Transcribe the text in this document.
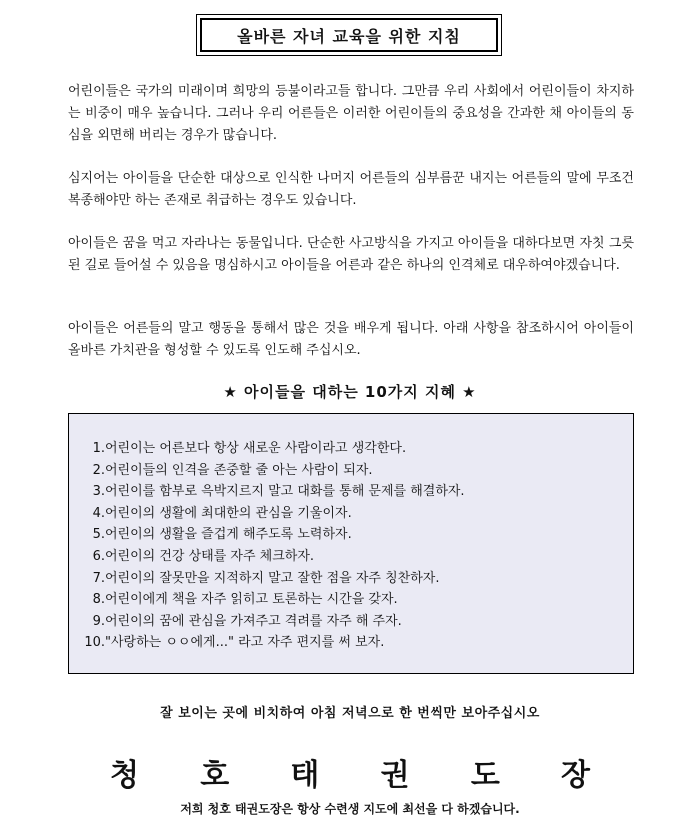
올바른 자녀 교육을 위한 지침

어린이들은 국가의 미래이며 희망의 등불이라고들 합니다. 그만큼 우리 사회에서 어린이들이 차지하는 비중이 매우 높습니다. 그러나 우리 어른들은 이러한 어린이들의 중요성을 간과한 채 아이들의 동심을 외면해 버리는 경우가 많습니다.

심지어는 아이들을 단순한 대상으로 인식한 나머지 어른들의 심부름꾼 내지는 어른들의 말에 무조건 복종해야만 하는 존재로 취급하는 경우도 있습니다.

아이들은 꿈을 먹고 자라나는 동물입니다. 단순한 사고방식을 가지고 아이들을 대하다보면 자칫 그릇된 길로 들어설 수 있음을 명심하시고 아이들을 어른과 같은 하나의 인격체로 대우하여야겠습니다.

아이들은 어른들의 말고 행동을 통해서 많은 것을 배우게 됩니다. 아래 사항을 참조하시어 아이들이 올바른 가치관을 형성할 수 있도록 인도해 주십시오.

★ 아이들을 대하는 10가지 지혜 ★
1.어린이는 어른보다 항상 새로운 사람이라고 생각한다.
2.어린이들의 인격을 존중할 줄 아는 사람이 되자.
3.어린이를 함부로 윽박지르지 말고 대화를 통해 문제를 해결하자.
4.어린이의 생활에 최대한의 관심을 기울이자.
5.어린이의 생활을 즐겁게 해주도록 노력하자.
6.어린이의 건강 상태를 자주 체크하자.
7.어린이의 잘못만을 지적하지 말고 잘한 점을 자주 칭찬하자.
8.어린이에게 책을 자주 읽히고 토론하는 시간을 갖자.
9.어린이의 꿈에 관심을 가져주고 격려를 자주 해 주자.
10."사랑하는 ㅇㅇ에게..." 라고 자주 편지를 써 보자.
잘 보이는 곳에 비치하여 아침 저녁으로 한 번씩만 보아주십시오
청 호 태 권 도 장
저희 청호 태권도장은 항상 수련생 지도에 최선을 다 하겠습니다.
